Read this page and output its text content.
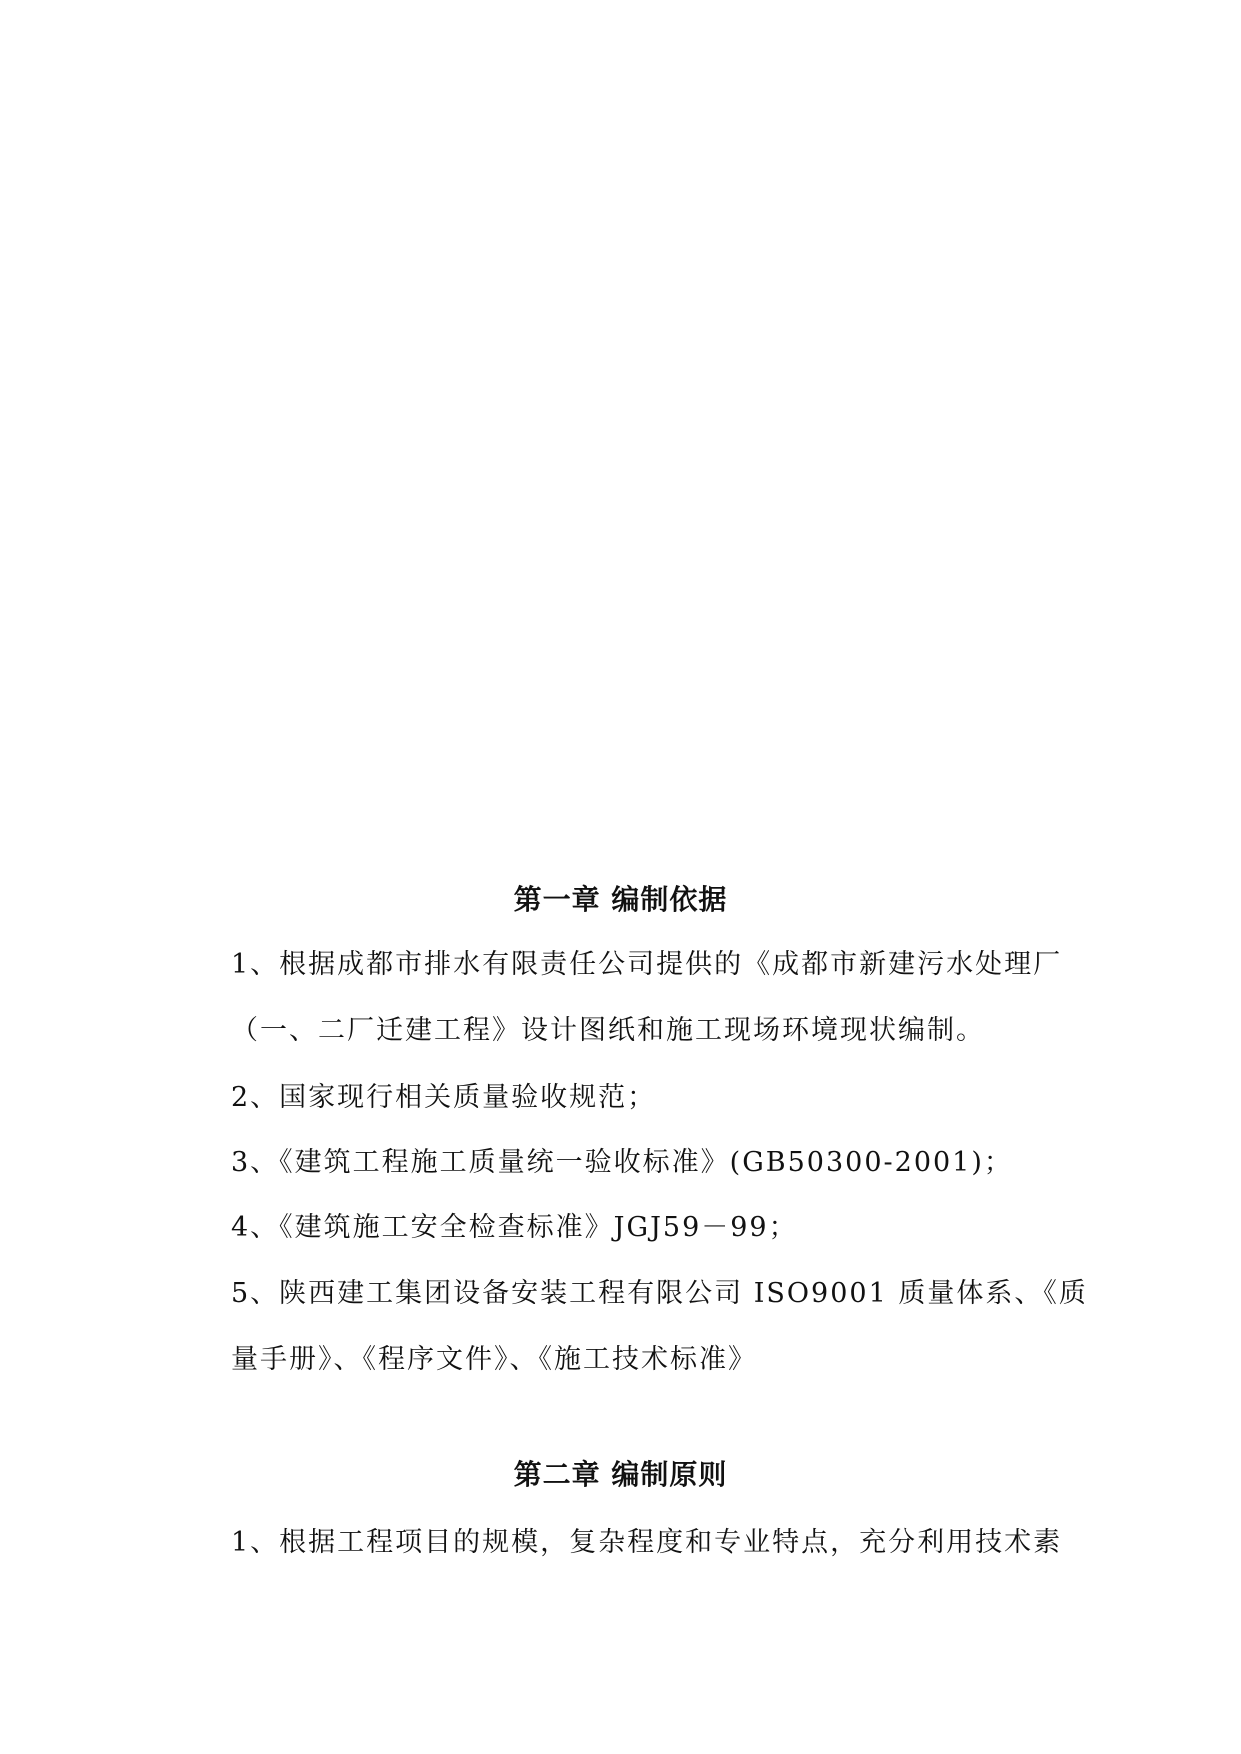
第一章 编制依据
1、根据成都市排水有限责任公司提供的《成都市新建污水处理厂
（一、二厂迁建工程》设计图纸和施工现场环境现状编制。
2、国家现行相关质量验收规范；
3、《建筑工程施工质量统一验收标准》(GB50300-2001)；
4、《建筑施工安全检查标准》JGJ59－99；
5、陕西建工集团设备安装工程有限公司 ISO9001 质量体系、《质
量手册》、《程序文件》、《施工技术标准》
第二章 编制原则
1、根据工程项目的规模，复杂程度和专业特点，充分利用技术素
